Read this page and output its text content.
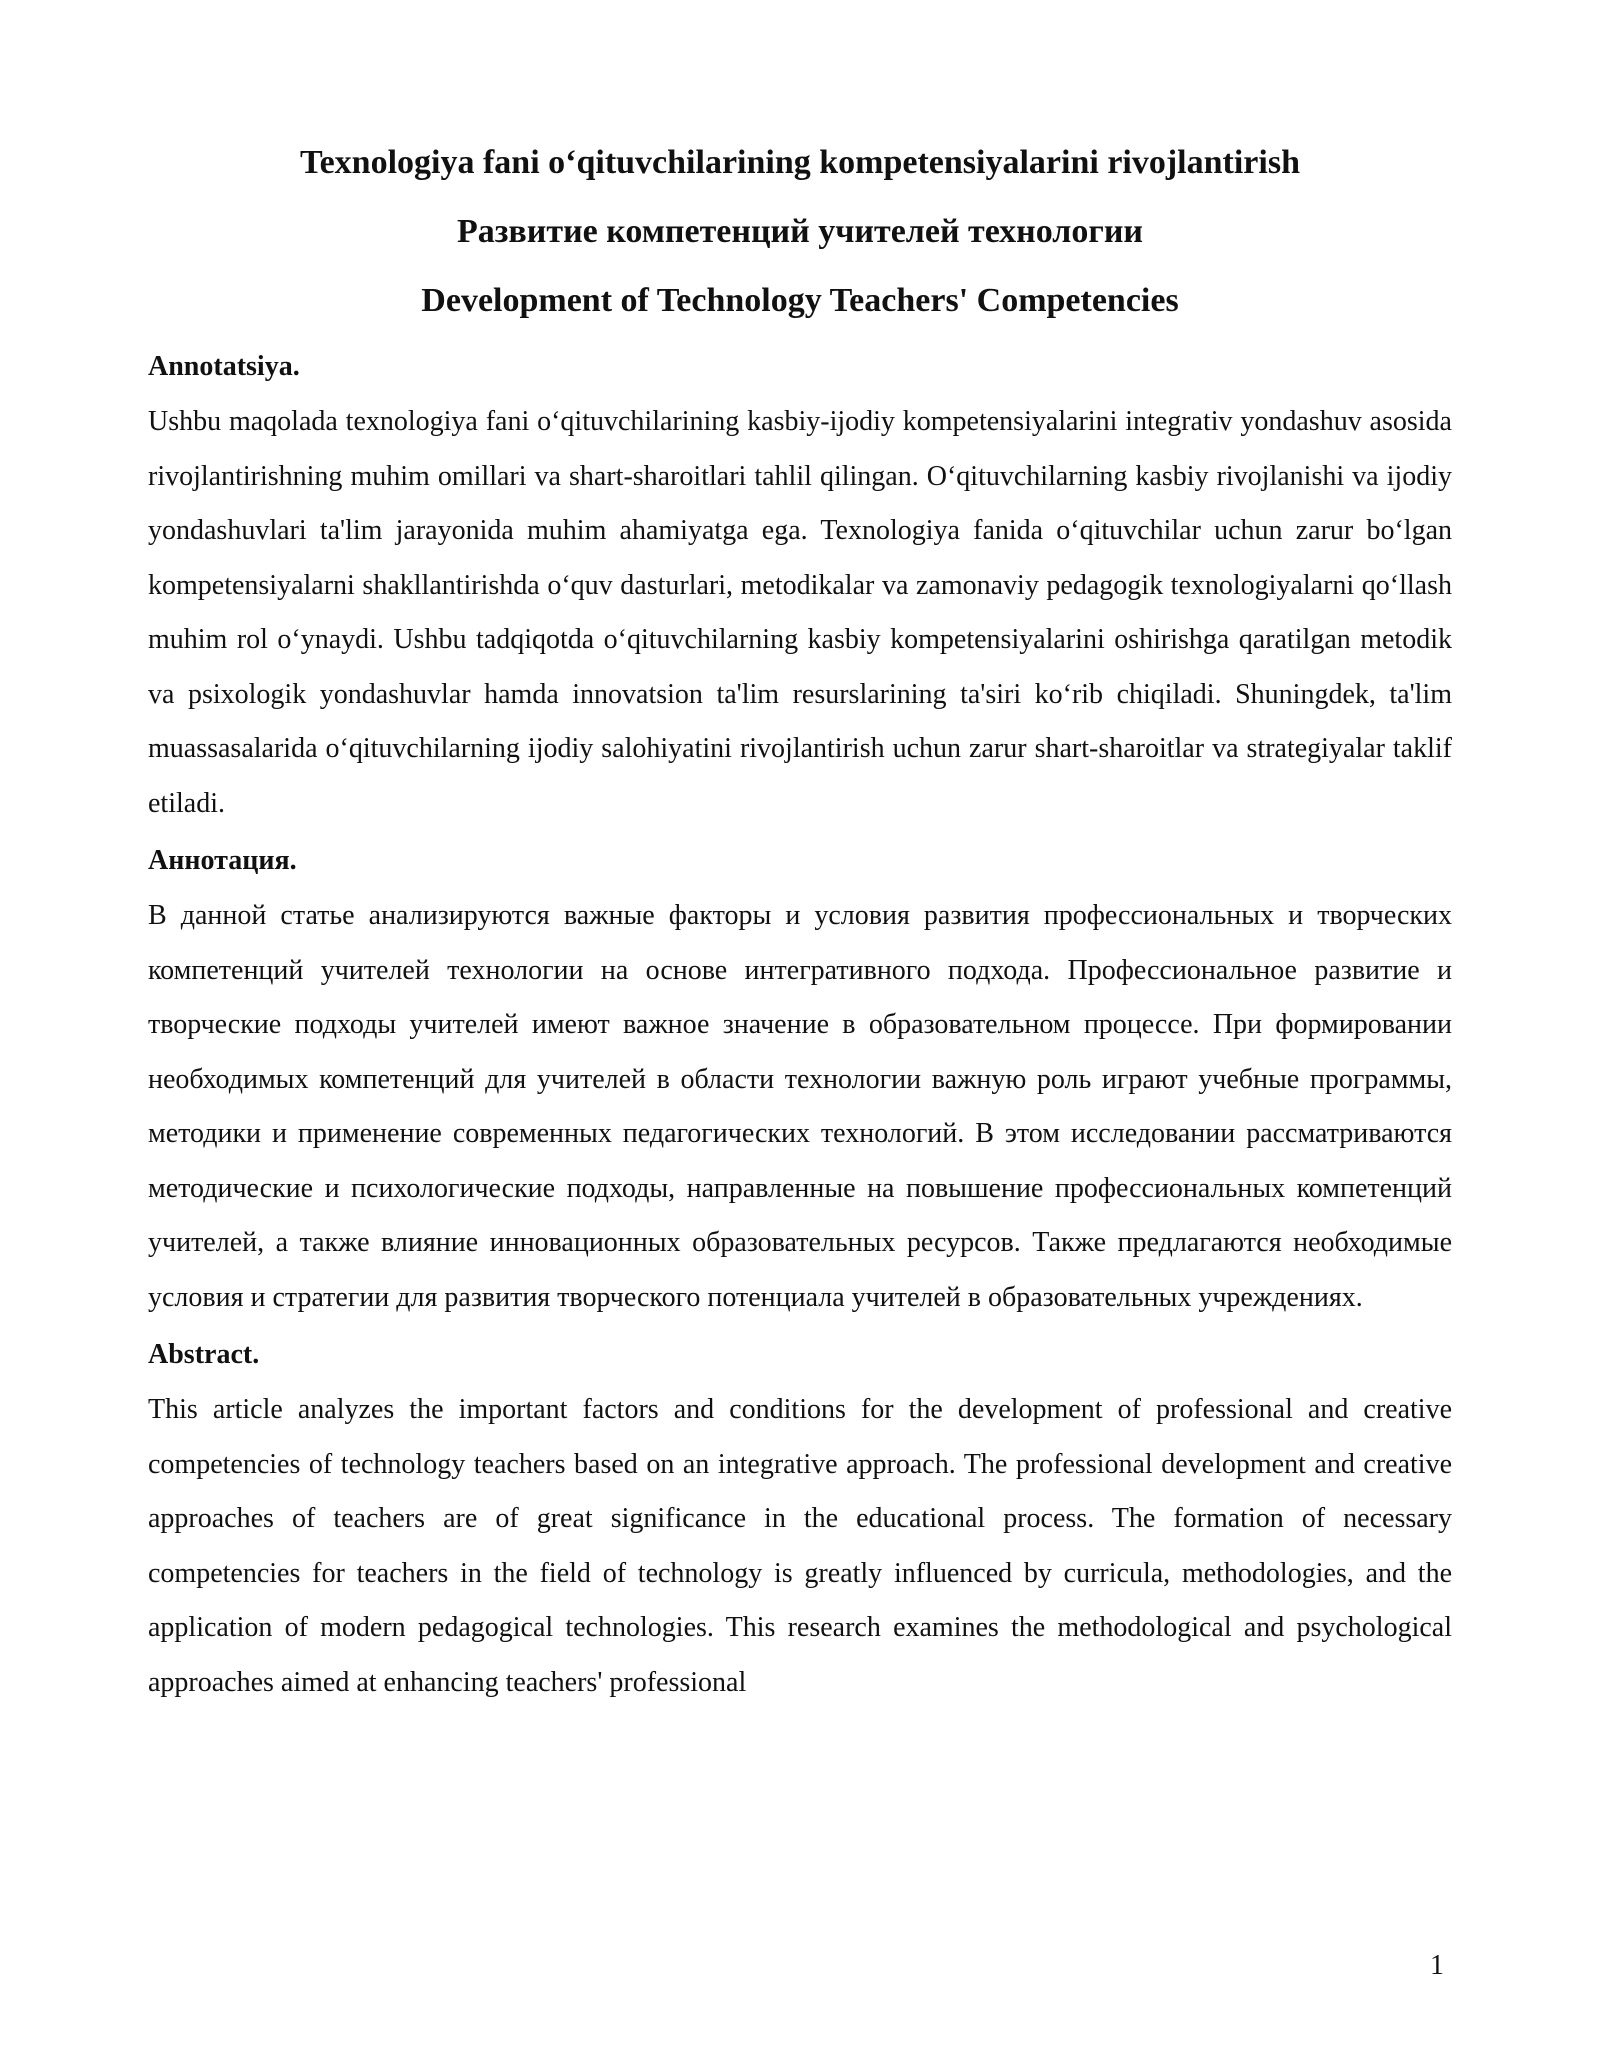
Texnologiya fani o‘qituvchilarining kompetensiyalarini rivojlantirish
Развитие компетенций учителей технологии
Development of Technology Teachers' Competencies
Annotatsiya.

Ushbu maqolada texnologiya fani o‘qituvchilarining kasbiy-ijodiy kompetensiyalarini integrativ yondashuv asosida rivojlantirishning muhim omillari va shart-sharoitlari tahlil qilingan. O‘qituvchilarning kasbiy rivojlanishi va ijodiy yondashuvlari ta'lim jarayonida muhim ahamiyatga ega. Texnologiya fanida o‘qituvchilar uchun zarur bo‘lgan kompetensiyalarni shakllantirishda o‘quv dasturlari, metodikalar va zamonaviy pedagogik texnologiyalarni qo‘llash muhim rol o‘ynaydi. Ushbu tadqiqotda o‘qituvchilarning kasbiy kompetensiyalarini oshirishga qaratilgan metodik va psixologik yondashuvlar hamda innovatsion ta'lim resurslarining ta'siri ko‘rib chiqiladi. Shuningdek, ta'lim muassasalarida o‘qituvchilarning ijodiy salohiyatini rivojlantirish uchun zarur shart-sharoitlar va strategiyalar taklif etiladi.

Аннотация.

В данной статье анализируются важные факторы и условия развития профессиональных и творческих компетенций учителей технологии на основе интегративного подхода. Профессиональное развитие и творческие подходы учителей имеют важное значение в образовательном процессе. При формировании необходимых компетенций для учителей в области технологии важную роль играют учебные программы, методики и применение современных педагогических технологий. В этом исследовании рассматриваются методические и психологические подходы, направленные на повышение профессиональных компетенций учителей, а также влияние инновационных образовательных ресурсов. Также предлагаются необходимые условия и стратегии для развития творческого потенциала учителей в образовательных учреждениях.

Abstract.

This article analyzes the important factors and conditions for the development of professional and creative competencies of technology teachers based on an integrative approach. The professional development and creative approaches of teachers are of great significance in the educational process. The formation of necessary competencies for teachers in the field of technology is greatly influenced by curricula, methodologies, and the application of modern pedagogical technologies. This research examines the methodological and psychological approaches aimed at enhancing teachers' professional

1
